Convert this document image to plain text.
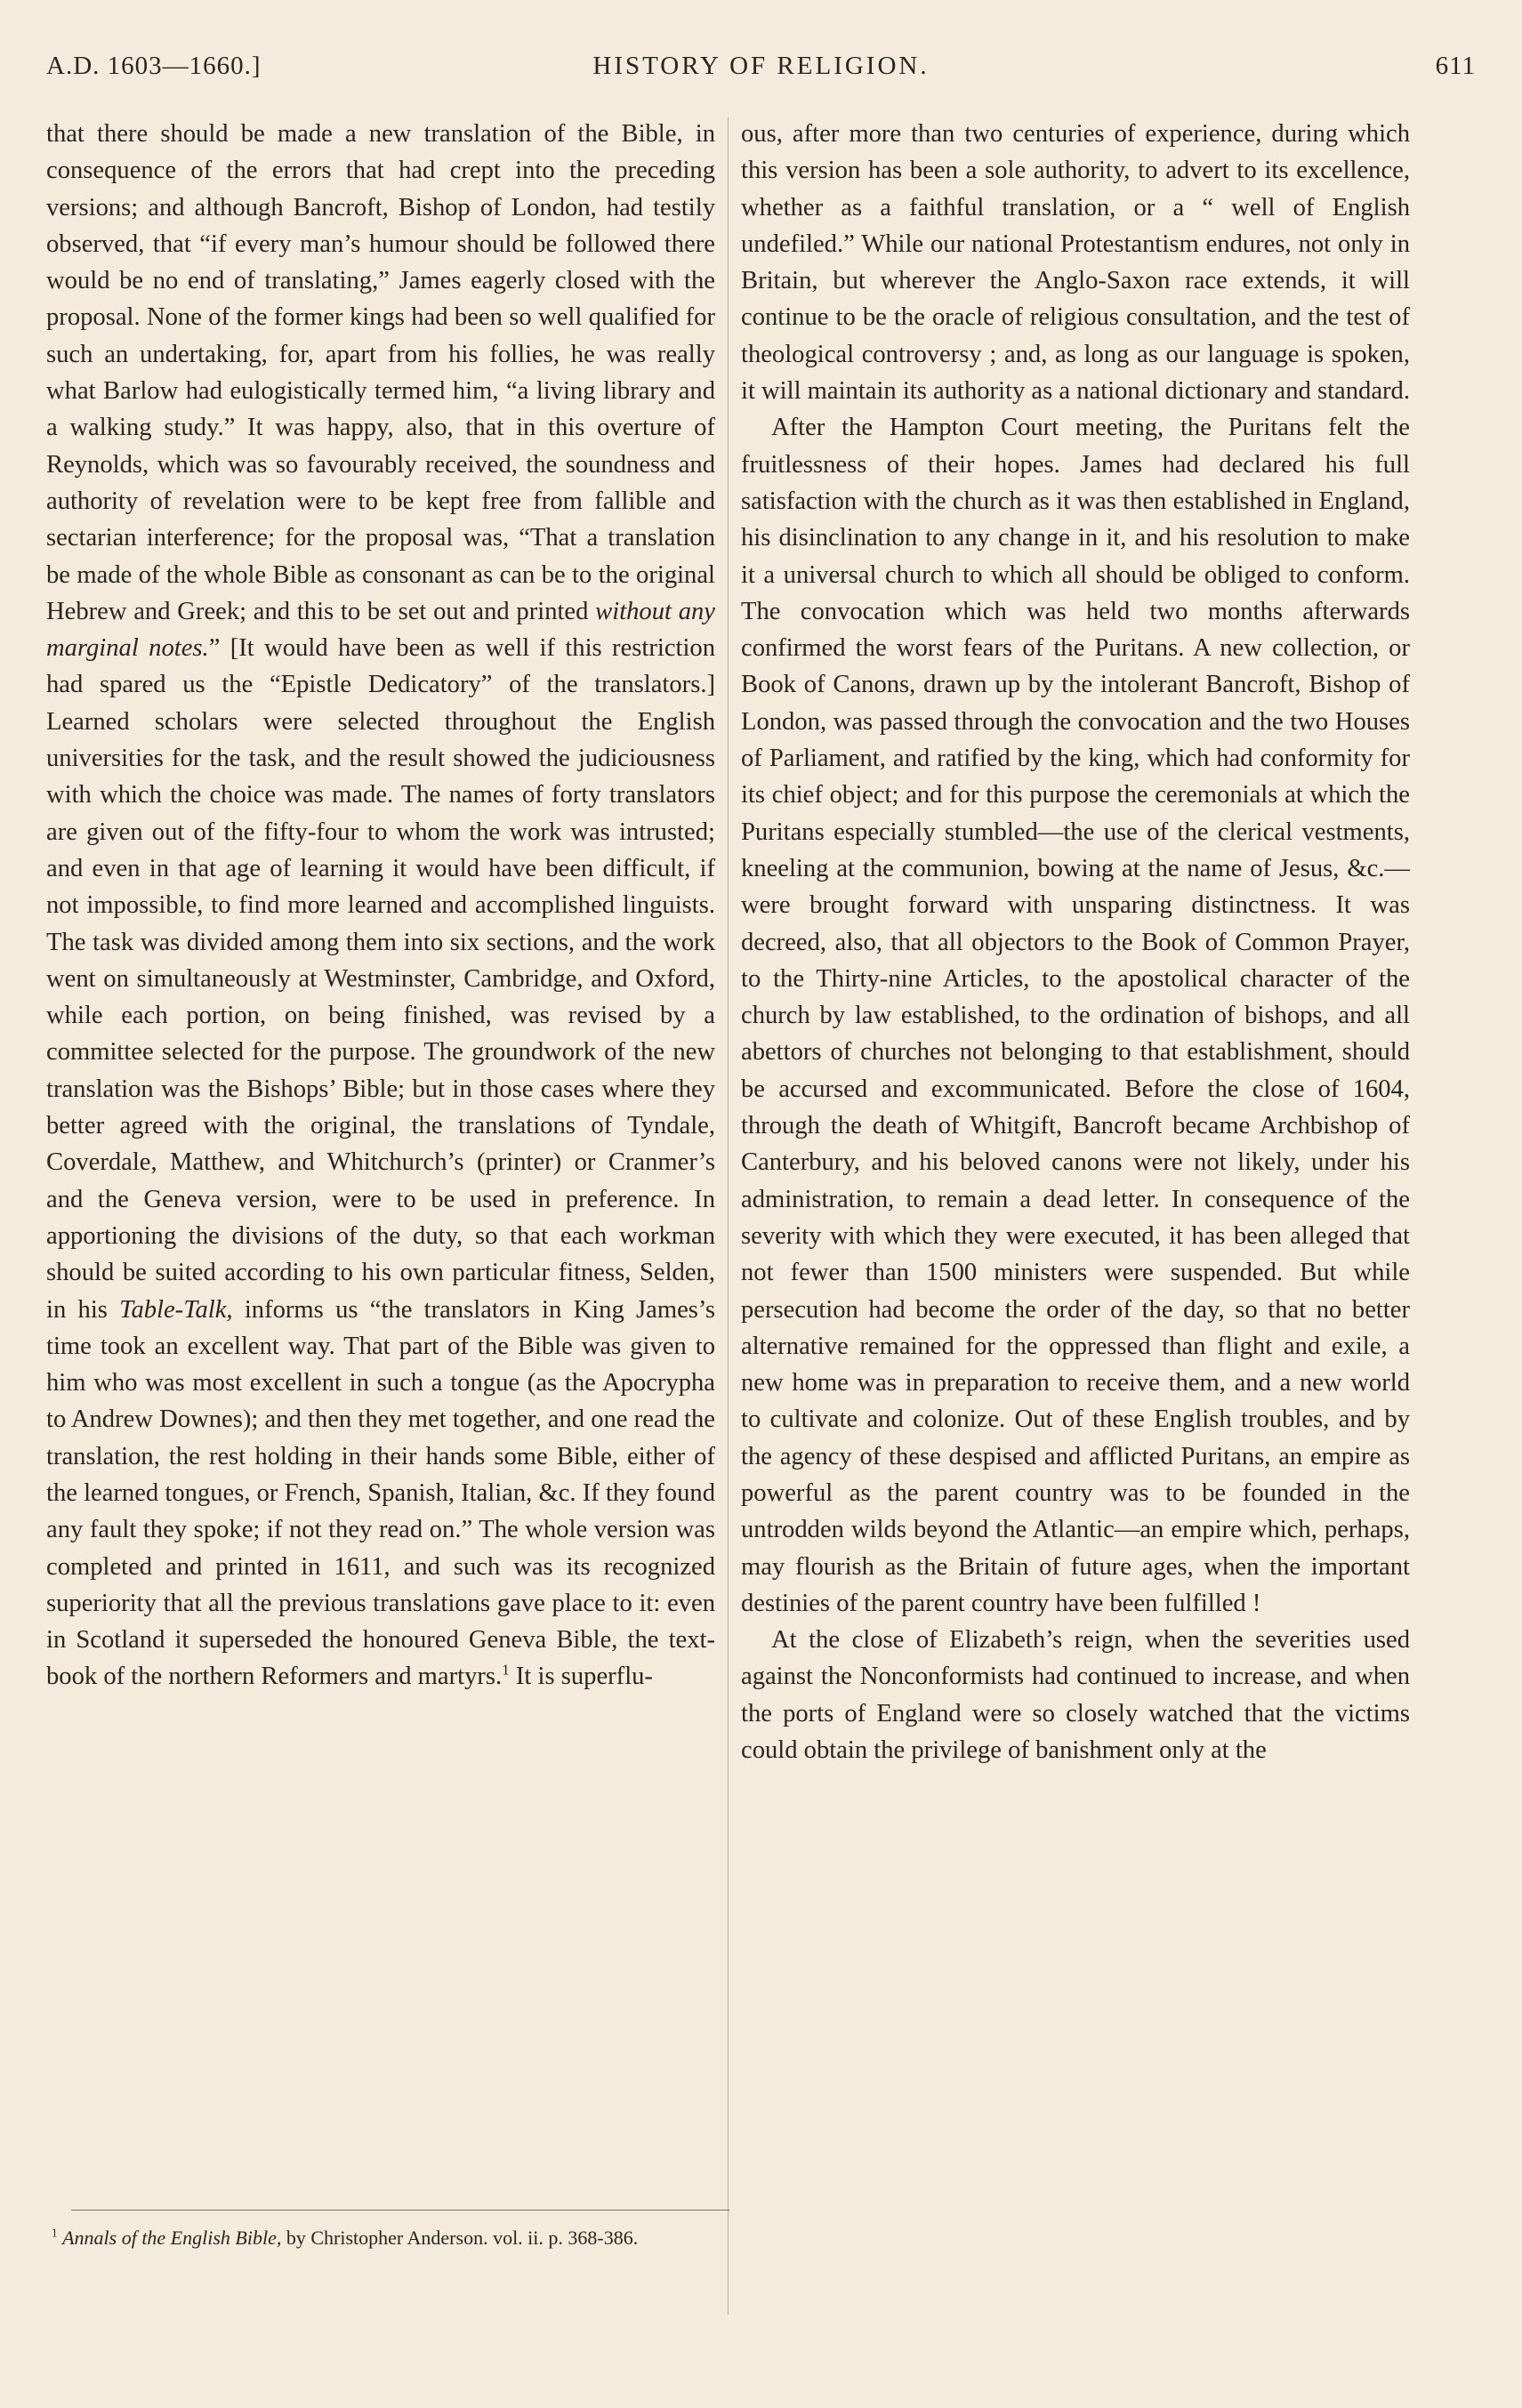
A.D. 1603—1660.]	HISTORY OF RELIGION.	611

that there should be made a new translation of the Bible, in consequence of the errors that had crept into the preceding versions; and although Bancroft, Bishop of London, had testily observed, that “if every man’s humour should be followed there would be no end of translating,” James eagerly closed with the proposal. None of the former kings had been so well qualified for such an undertaking, for, apart from his follies, he was really what Barlow had eulogistically termed him, “a living library and a walking study.” It was happy, also, that in this overture of Reynolds, which was so favourably received, the soundness and authority of revelation were to be kept free from fallible and sectarian interference; for the proposal was, “That a translation be made of the whole Bible as consonant as can be to the original Hebrew and Greek; and this to be set out and printed without any marginal notes.” [It would have been as well if this restriction had spared us the “Epistle Dedicatory” of the translators.] Learned scholars were selected throughout the English universities for the task, and the result showed the judiciousness with which the choice was made. The names of forty translators are given out of the fifty-four to whom the work was intrusted; and even in that age of learning it would have been difficult, if not impossible, to find more learned and accomplished linguists. The task was divided among them into six sections, and the work went on simultaneously at Westminster, Cambridge, and Oxford, while each portion, on being finished, was revised by a committee selected for the purpose. The groundwork of the new translation was the Bishops’ Bible; but in those cases where they better agreed with the original, the translations of Tyndale, Coverdale, Matthew, and Whitchurch’s (printer) or Cranmer’s and the Geneva version, were to be used in preference. In apportioning the divisions of the duty, so that each workman should be suited according to his own particular fitness, Selden, in his Table-Talk, informs us “the translators in King James’s time took an excellent way. That part of the Bible was given to him who was most excellent in such a tongue (as the Apocrypha to Andrew Downes); and then they met together, and one read the translation, the rest holding in their hands some Bible, either of the learned tongues, or French, Spanish, Italian, &c. If they found any fault they spoke; if not they read on.” The whole version was completed and printed in 1611, and such was its recognized superiority that all the previous translations gave place to it: even in Scotland it superseded the honoured Geneva Bible, the text-book of the northern Reformers and martyrs.$^1$ It is superflu-

ous, after more than two centuries of experience, during which this version has been a sole authority, to advert to its excellence, whether as a faithful translation, or a “ well of English undefiled.” While our national Protestantism endures, not only in Britain, but wherever the Anglo-Saxon race extends, it will continue to be the oracle of religious consultation, and the test of theological controversy ; and, as long as our language is spoken, it will maintain its authority as a national dictionary and standard.

After the Hampton Court meeting, the Puritans felt the fruitlessness of their hopes. James had declared his full satisfaction with the church as it was then established in England, his disinclination to any change in it, and his resolution to make it a universal church to which all should be obliged to conform. The convocation which was held two months afterwards confirmed the worst fears of the Puritans. A new collection, or Book of Canons, drawn up by the intolerant Bancroft, Bishop of London, was passed through the convocation and the two Houses of Parliament, and ratified by the king, which had conformity for its chief object; and for this purpose the ceremonials at which the Puritans especially stumbled—the use of the clerical vestments, kneeling at the communion, bowing at the name of Jesus, &c.—were brought forward with unsparing distinctness. It was decreed, also, that all objectors to the Book of Common Prayer, to the Thirty-nine Articles, to the apostolical character of the church by law established, to the ordination of bishops, and all abettors of churches not belonging to that establishment, should be accursed and excommunicated. Before the close of 1604, through the death of Whitgift, Bancroft became Archbishop of Canterbury, and his beloved canons were not likely, under his administration, to remain a dead letter. In consequence of the severity with which they were executed, it has been alleged that not fewer than 1500 ministers were suspended. But while persecution had become the order of the day, so that no better alternative remained for the oppressed than flight and exile, a new home was in preparation to receive them, and a new world to cultivate and colonize. Out of these English troubles, and by the agency of these despised and afflicted Puritans, an empire as powerful as the parent country was to be founded in the untrodden wilds beyond the Atlantic—an empire which, perhaps, may flourish as the Britain of future ages, when the important destinies of the parent country have been fulfilled !

At the close of Elizabeth’s reign, when the severities used against the Nonconformists had continued to increase, and when the ports of England were so closely watched that the victims could obtain the privilege of banishment only at the

$^1$ Annals of the English Bible, by Christopher Anderson. vol. ii. p. 368-386.
